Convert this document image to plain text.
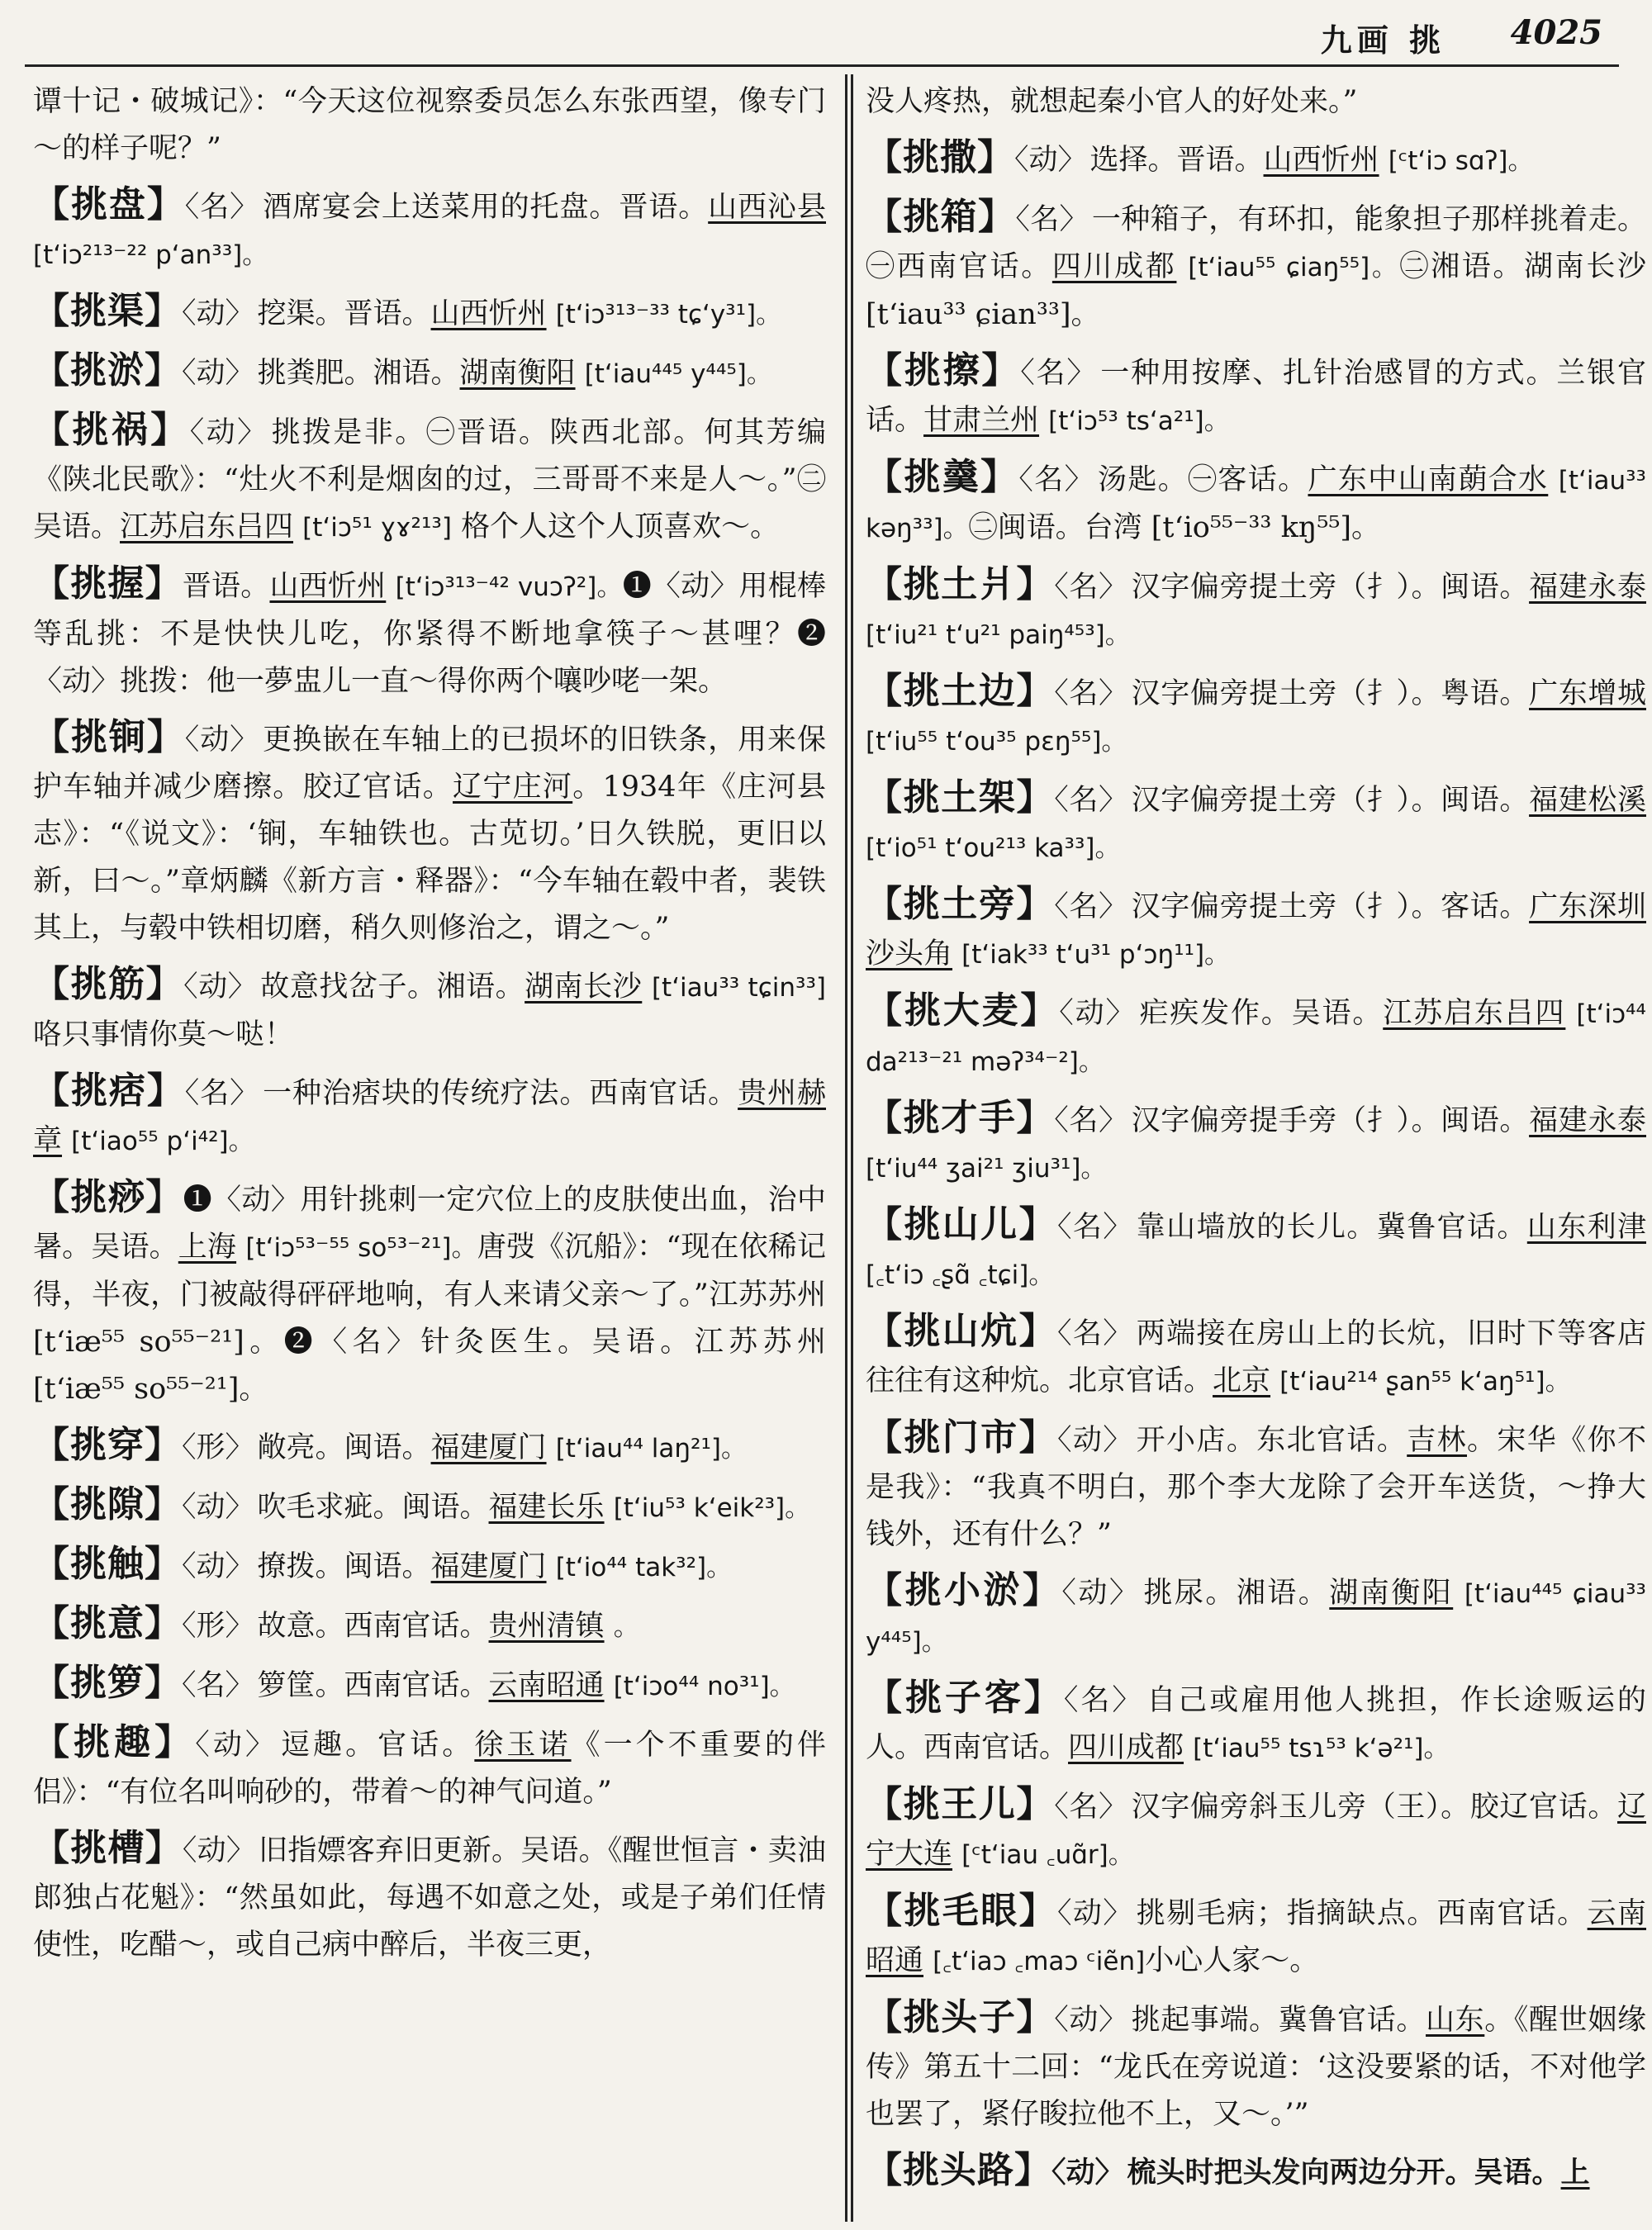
九画 挑 4025

谭十记・破城记》：“今天这位视察委员怎么东张西望，像专门～的样子呢？”

【挑盘】〈名〉 酒席宴会上送菜用的托盘。晋语。山西沁县 [tʻiɔ²¹³⁻²² pʻan³³]。

【挑渠】〈动〉 挖渠。晋语。山西忻州 [tʻiɔ³¹³⁻³³ tɕʻy³¹]。

【挑淤】〈动〉 挑粪肥。湘语。湖南衡阳 [tʻiau⁴⁴⁵ y⁴⁴⁵]。

【挑祸】〈动〉 挑拨是非。㊀晋语。陕西北部。何其芳编《陕北民歌》：“灶火不利是烟囱的过，三哥哥不来是人～。”㊁吴语。江苏启东吕四 [tʻiɔ⁵¹ ɣɤ²¹³] 格个人这个人顶喜欢～。

【挑握】晋语。山西忻州 [tʻiɔ³¹³⁻⁴² vuɔʔ²]。❶〈动〉用棍棒等乱挑：不是快快儿吃，你紧得不断地拿筷子～甚哩？❷〈动〉挑拨：他一夢盅儿一直～得你两个嚷吵咾一架。

【挑锏】〈动〉 更换嵌在车轴上的已损坏的旧铁条，用来保护车轴并减少磨擦。胶辽官话。辽宁庄河。1934年《庄河县志》：“《说文》：‘锏，车轴铁也。古苋切。’日久铁脱，更旧以新，曰～。”章炳麟《新方言・释器》：“今车轴在毂中者，裴铁其上，与毂中铁相切磨，稍久则修治之，谓之～。”

【挑筋】〈动〉 故意找岔子。湘语。湖南长沙 [tʻiau³³ tɕin³³] 咯只事情你莫～哒！

【挑痞】〈名〉 一种治痞块的传统疗法。西南官话。贵州赫章 [tʻiao⁵⁵ pʻi⁴²]。

【挑痧】❶〈动〉用针挑刺一定穴位上的皮肤使出血，治中暑。吴语。上海 [tʻiɔ⁵³⁻⁵⁵ so⁵³⁻²¹]。唐弢《沉船》：“现在依稀记得，半夜，门被敲得砰砰地响，有人来请父亲～了。”江苏苏州 [tʻiæ⁵⁵ so⁵⁵⁻²¹]。❷〈名〉针灸医生。吴语。江苏苏州 [tʻiæ⁵⁵ so⁵⁵⁻²¹]。

【挑穿】〈形〉 敞亮。闽语。福建厦门 [tʻiau⁴⁴ laŋ²¹]。

【挑隙】〈动〉 吹毛求疵。闽语。福建长乐 [tʻiu⁵³ kʻeik²³]。

【挑触】〈动〉 撩拨。闽语。福建厦门 [tʻio⁴⁴ tak³²]。

【挑意】〈形〉 故意。西南官话。贵州清镇 。

【挑箩】〈名〉 箩筐。西南官话。云南昭通 [tʻiɔo⁴⁴ no³¹]。

【挑趣】〈动〉 逗趣。官话。徐玉诺《一个不重要的伴侣》：“有位名叫响砂的，带着～的神气问道。”

【挑槽】〈动〉 旧指嫖客弃旧更新。吴语。《醒世恒言・卖油郎独占花魁》：“然虽如此，每遇不如意之处，或是子弟们任情使性，吃醋～，或自己病中醉后，半夜三更，

没人疼热，就想起秦小官人的好处来。”

【挑撒】〈动〉 选择。晋语。山西忻州 [ᶜtʻiɔ sɑʔ]。

【挑箱】〈名〉 一种箱子，有环扣，能象担子那样挑着走。㊀西南官话。四川成都 [tʻiau⁵⁵ ɕiaŋ⁵⁵]。㊁湘语。湖南长沙 [tʻiau³³ ɕian³³]。

【挑擦】〈名〉 一种用按摩、扎针治感冒的方式。兰银官话。甘肃兰州 [tʻiɔ⁵³ tsʻa²¹]。

【挑羹】〈名〉 汤匙。㊀客话。广东中山南蓢合水 [tʻiau³³ kəŋ³³]。㊁闽语。台湾 [tʻio⁵⁵⁻³³ kŋ⁵⁵]。

【挑土爿】〈名〉 汉字偏旁提土旁（扌）。闽语。福建永泰 [tʻiu²¹ tʻu²¹ paiŋ⁴⁵³]。

【挑土边】〈名〉 汉字偏旁提土旁（扌）。粤语。广东增城 [tʻiu⁵⁵ tʻou³⁵ pɛŋ⁵⁵]。

【挑土架】〈名〉 汉字偏旁提土旁（扌）。闽语。福建松溪 [tʻio⁵¹ tʻou²¹³ ka³³]。

【挑土旁】〈名〉 汉字偏旁提土旁（扌）。客话。广东深圳沙头角 [tʻiak³³ tʻu³¹ pʻɔŋ¹¹]。

【挑大麦】〈动〉 疟疾发作。吴语。江苏启东吕四 [tʻiɔ⁴⁴ da²¹³⁻²¹ məʔ³⁴⁻²]。

【挑才手】〈名〉 汉字偏旁提手旁（扌）。闽语。福建永泰 [tʻiu⁴⁴ ʒai²¹ ʒiu³¹]。

【挑山儿】〈名〉 靠山墙放的长儿。冀鲁官话。山东利津 [꜀tʻiɔ ꜀ʂɑ̃ ꜀tɕi]。

【挑山炕】〈名〉 两端接在房山上的长炕，旧时下等客店往往有这种炕。北京官话。北京 [tʻiau²¹⁴ ʂan⁵⁵ kʻaŋ⁵¹]。

【挑门市】〈动〉 开小店。东北官话。吉林。宋华《你不是我》：“我真不明白，那个李大龙除了会开车送货，～挣大钱外，还有什么？”

【挑小淤】〈动〉 挑尿。湘语。湖南衡阳 [tʻiau⁴⁴⁵ ɕiau³³ y⁴⁴⁵]。

【挑子客】〈名〉 自己或雇用他人挑担，作长途贩运的人。西南官话。四川成都 [tʻiau⁵⁵ tsɿ⁵³ kʻə²¹]。

【挑王儿】〈名〉 汉字偏旁斜玉儿旁（王）。胶辽官话。辽宁大连 [ᶜtʻiau ꜀uɑ̃r]。

【挑毛眼】〈动〉 挑剔毛病；指摘缺点。西南官话。云南昭通 [꜀tʻiaɔ ꜀maɔ ᶜiẽn]小心人家～。

【挑头子】〈动〉 挑起事端。冀鲁官话。山东。《醒世姻缘传》第五十二回：“龙氏在旁说道：‘这没要紧的话，不对他学也罢了，紧仔睃拉他不上，又～。’”

【挑头路】〈动〉 梳头时把头发向两边分开。吴语。上
